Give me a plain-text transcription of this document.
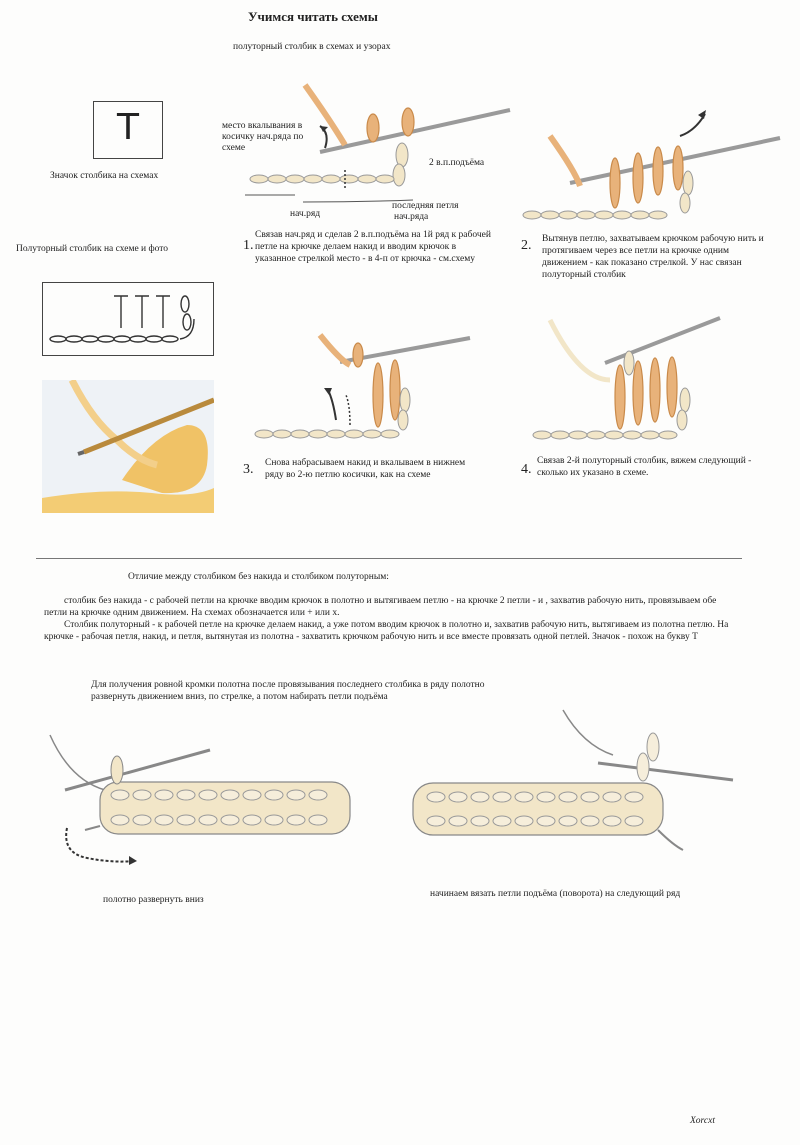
Учимся читать схемы
полуторный столбик в схемах и узорах
T
Значок столбика на схемах
Полуторный столбик на схеме и фото
место вкалывания в
косичку нач.ряда по
схеме
2 в.п.подъёма
последняя петля
нач.ряда
нач.ряд
1.
Связав нач.ряд и сделав 2 в.п.подъёма на 1й ряд к рабочей
петле на крючке делаем накид и вводим крючок в
указанное стрелкой место - в 4-п от крючка - см.схему
2. Вытянув петлю, захватываем крючком рабочую нить и
протягиваем через все петли на крючке одним
движением - как показано стрелкой. У нас связан
полуторный столбик
3. Снова набрасываем накид и вкалываем в нижнем
ряду во 2-ю петлю косички, как на схеме	4.
Связав 2-й полуторный столбик, вяжем следующий -
сколько их указано в схеме.
Отличие между столбиком без накида и столбиком полуторным:
столбик без накида - с рабочей петли на крючке вводим крючок в полотно и вытягиваем петлю - на крючке 2 петли - и , захватив рабочую нить, провязываем обе
петли на крючке одним движением. На схемах обозначается или + или х.
Столбик полуторный - к рабочей петле на крючке делаем накид, а уже потом вводим крючок в полотно и, захватив рабочую нить, вытягиваем из полотна петлю. На
крючке - рабочая петля, накид, и петля, вытянутая из полотна - захватить крючком рабочую нить и все вместе провязать одной петлей. Значок - похож на букву Т
Для получения ровной кромки полотна после провязывания последнего столбика в ряду полотно
развернуть движением вниз, по стрелке, а потом набирать петли подъёма
полотно развернуть вниз
начинаем вязать петли подъёма (поворота) на следующий ряд
Xorcxt
